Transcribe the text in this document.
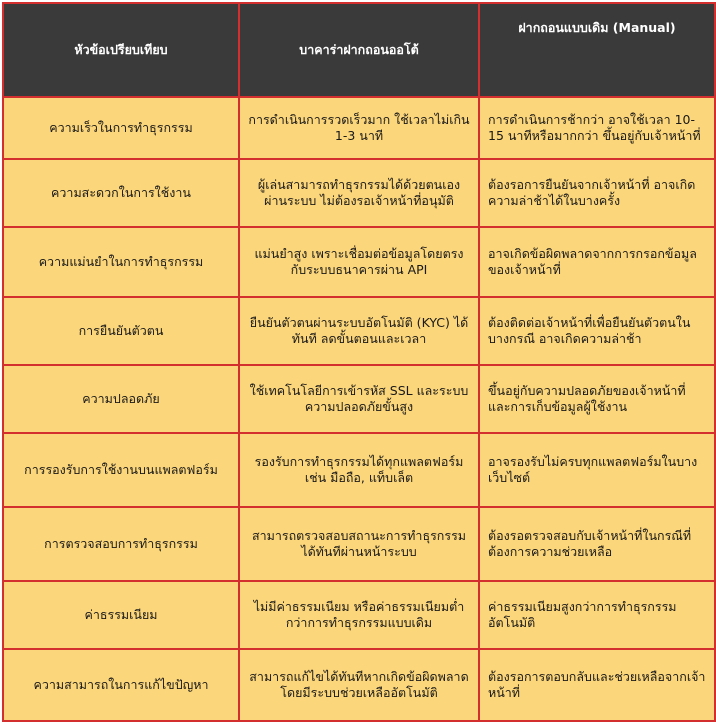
หัวข้อเปรียบเทียบ	บาคาร่าฝากถอนออโต้	ฝากถอนแบบเดิม (Manual)
ความเร็วในการทำธุรกรรม	การดำเนินการรวดเร็วมาก ใช้เวลาไม่เกิน 1-3 นาที	การดำเนินการช้ากว่า อาจใช้เวลา 10-15 นาทีหรือมากกว่า ขึ้นอยู่กับเจ้าหน้าที่
ความสะดวกในการใช้งาน	ผู้เล่นสามารถทำธุรกรรมได้ด้วยตนเอง ผ่านระบบ ไม่ต้องรอเจ้าหน้าที่อนุมัติ	ต้องรอการยืนยันจากเจ้าหน้าที่ อาจเกิดความล่าช้าได้ในบางครั้ง
ความแม่นยำในการทำธุรกรรม	แม่นยำสูง เพราะเชื่อมต่อข้อมูลโดยตรงกับระบบธนาคารผ่าน API	อาจเกิดข้อผิดพลาดจากการกรอกข้อมูลของเจ้าหน้าที่
การยืนยันตัวตน	ยืนยันตัวตนผ่านระบบอัตโนมัติ (KYC) ได้ทันที ลดขั้นตอนและเวลา	ต้องติดต่อเจ้าหน้าที่เพื่อยืนยันตัวตนในบางกรณี อาจเกิดความล่าช้า
ความปลอดภัย	ใช้เทคโนโลยีการเข้ารหัส SSL และระบบความปลอดภัยขั้นสูง	ขึ้นอยู่กับความปลอดภัยของเจ้าหน้าที่และการเก็บข้อมูลผู้ใช้งาน
การรองรับการใช้งานบนแพลตฟอร์ม	รองรับการทำธุรกรรมได้ทุกแพลตฟอร์ม เช่น มือถือ, แท็บเล็ต	อาจรองรับไม่ครบทุกแพลตฟอร์มในบางเว็บไซต์
การตรวจสอบการทำธุรกรรม	สามารถตรวจสอบสถานะการทำธุรกรรมได้ทันทีผ่านหน้าระบบ	ต้องรอตรวจสอบกับเจ้าหน้าที่ในกรณีที่ต้องการความช่วยเหลือ
ค่าธรรมเนียม	ไม่มีค่าธรรมเนียม หรือค่าธรรมเนียมต่ำกว่าการทำธุรกรรมแบบเดิม	ค่าธรรมเนียมสูงกว่าการทำธุรกรรมอัตโนมัติ
ความสามารถในการแก้ไขปัญหา	สามารถแก้ไขได้ทันทีหากเกิดข้อผิดพลาด โดยมีระบบช่วยเหลืออัตโนมัติ	ต้องรอการตอบกลับและช่วยเหลือจากเจ้าหน้าที่
